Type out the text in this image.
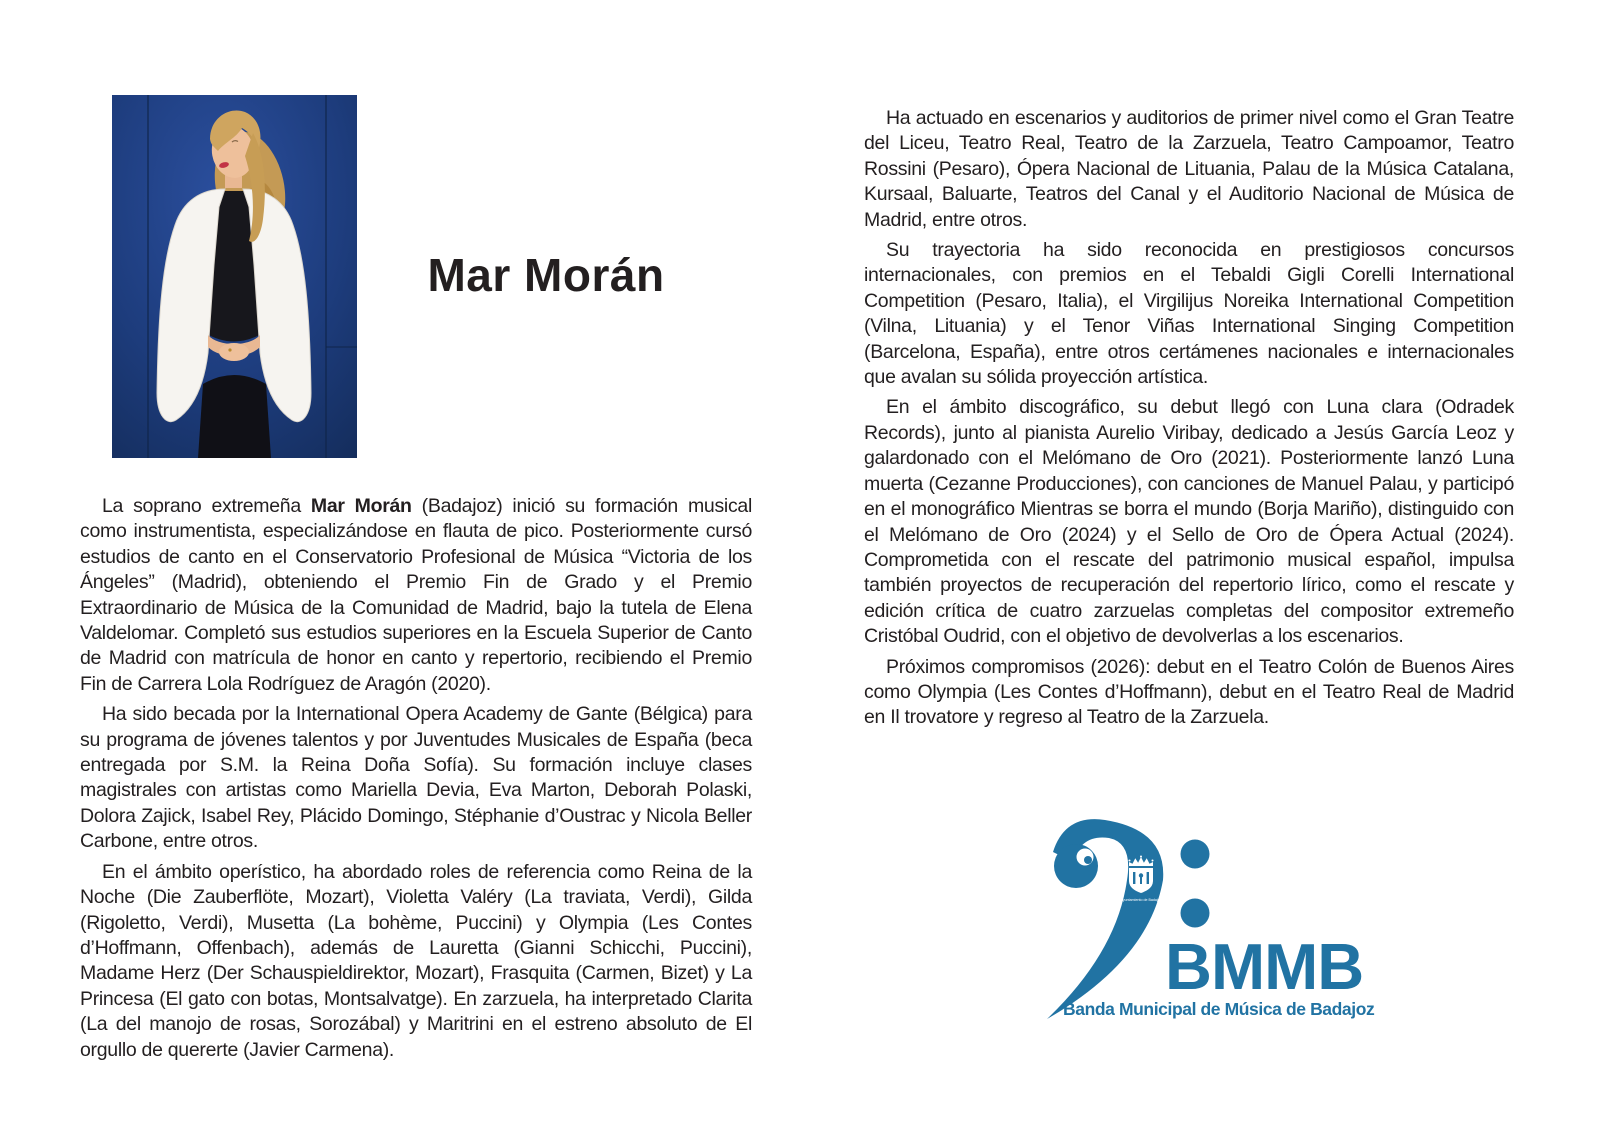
Mar Morán

La soprano extremeña Mar Morán (Badajoz) inició su formación musical como instrumentista, especializándose en flauta de pico. Posteriormente cursó estudios de canto en el Conservatorio Profesional de Música “Victoria de los Ángeles” (Madrid), obteniendo el Premio Fin de Grado y el Premio Extraordinario de Música de la Comunidad de Madrid, bajo la tutela de Elena Valdelomar. Completó sus estudios superiores en la Escuela Superior de Canto de Madrid con matrícula de honor en canto y repertorio, recibiendo el Premio Fin de Carrera Lola Rodríguez de Aragón (2020).

Ha sido becada por la International Opera Academy de Gante (Bélgica) para su programa de jóvenes talentos y por Juventudes Musicales de España (beca entregada por S.M. la Reina Doña Sofía). Su formación incluye clases magistrales con artistas como Mariella Devia, Eva Marton, Deborah Polaski, Dolora Zajick, Isabel Rey, Plácido Domingo, Stéphanie d’Oustrac y Nicola Beller Carbone, entre otros.

En el ámbito operístico, ha abordado roles de referencia como Reina de la Noche (Die Zauberflöte, Mozart), Violetta Valéry (La traviata, Verdi), Gilda (Rigoletto, Verdi), Musetta (La bohème, Puccini) y Olympia (Les Contes d’Hoffmann, Offenbach), además de Lauretta (Gianni Schicchi, Puccini), Madame Herz (Der Schauspieldirektor, Mozart), Frasquita (Carmen, Bizet) y La Princesa (El gato con botas, Montsalvatge). En zarzuela, ha interpretado Clarita (La del manojo de rosas, Sorozábal) y Maritrini en el estreno absoluto de El orgullo de quererte (Javier Carmena).

Ha actuado en escenarios y auditorios de primer nivel como el Gran Teatre del Liceu, Teatro Real, Teatro de la Zarzuela, Teatro Campoamor, Teatro Rossini (Pesaro), Ópera Nacional de Lituania, Palau de la Música Catalana, Kursaal, Baluarte, Teatros del Canal y el Auditorio Nacional de Música de Madrid, entre otros.

Su trayectoria ha sido reconocida en prestigiosos concursos internacionales, con premios en el Tebaldi Gigli Corelli International Competition (Pesaro, Italia), el Virgilijus Noreika International Competition (Vilna, Lituania) y el Tenor Viñas International Singing Competition (Barcelona, España), entre otros certámenes nacionales e internacionales que avalan su sólida proyección artística.

En el ámbito discográfico, su debut llegó con Luna clara (Odradek Records), junto al pianista Aurelio Viribay, dedicado a Jesús García Leoz y galardonado con el Melómano de Oro (2021). Posteriormente lanzó Luna muerta (Cezanne Producciones), con canciones de Manuel Palau, y participó en el monográfico Mientras se borra el mundo (Borja Mariño), distinguido con el Melómano de Oro (2024) y el Sello de Oro de Ópera Actual (2024). Comprometida con el rescate del patrimonio musical español, impulsa también proyectos de recuperación del repertorio lírico, como el rescate y edición crítica de cuatro zarzuelas completas del compositor extremeño Cristóbal Oudrid, con el objetivo de devolverlas a los escenarios.

Próximos compromisos (2026): debut en el Teatro Colón de Buenos Aires como Olympia (Les Contes d’Hoffmann), debut en el Teatro Real de Madrid en Il trovatore y regreso al Teatro de la Zarzuela.

Ayuntamiento de Badajoz
BMMB
Banda Municipal de Música de Badajoz
